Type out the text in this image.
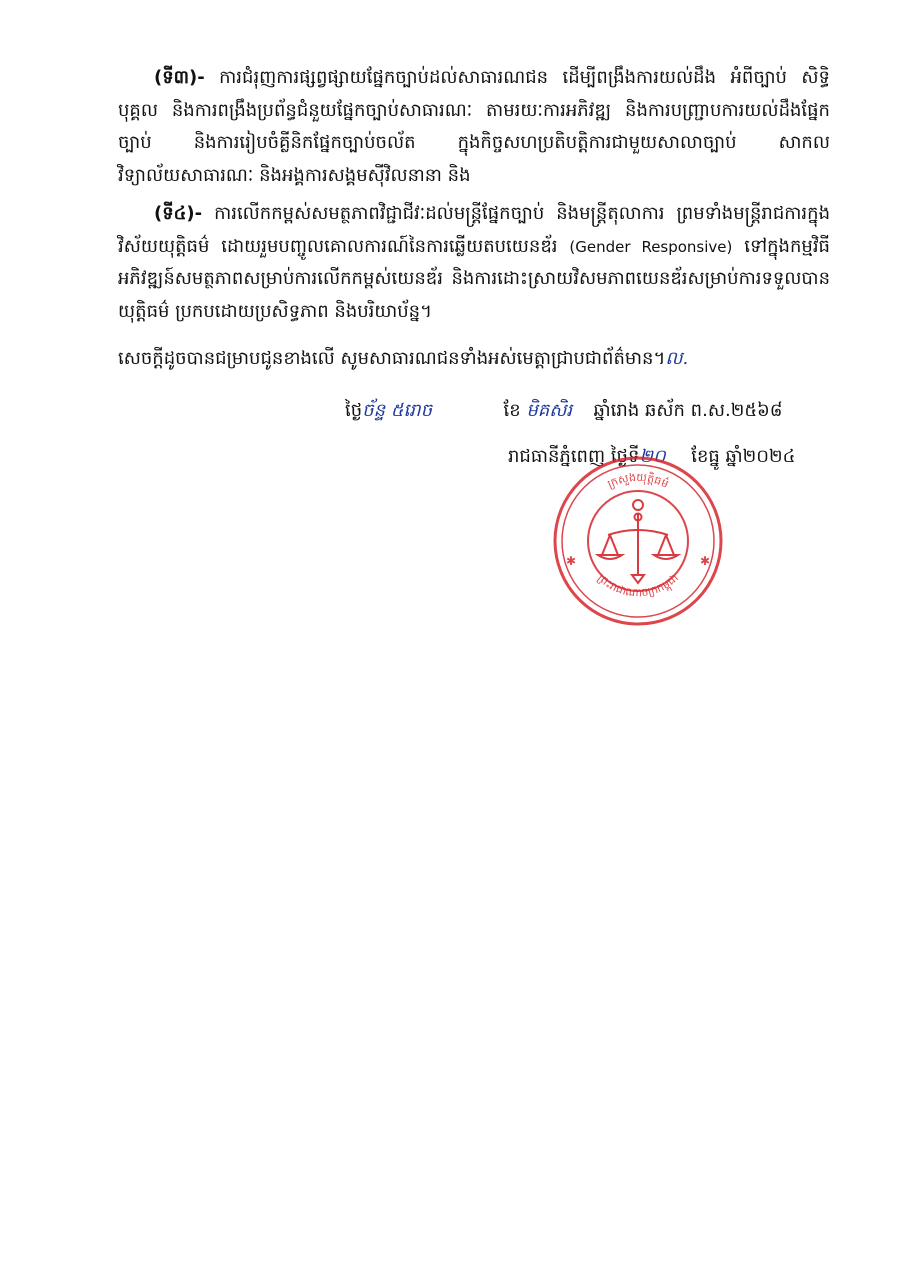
(ទី៣)- ការជំរុញការផ្សព្វផ្សាយផ្នែកច្បាប់ដល់សាធារណជន ដើម្បីពង្រឹងការយល់ដឹង អំពីច្បាប់ សិទ្ធិបុគ្គល និងការពង្រឹងប្រព័ន្ធជំនួយផ្នែកច្បាប់សាធារណៈ តាមរយៈការអភិវឌ្ឍ និងការបញ្ជ្រាបការយល់ដឹងផ្នែកច្បាប់ និងការរៀបចំគ្លីនិកផ្នែកច្បាប់ចល័ត ក្នុងកិច្ចសហប្រតិបត្តិការជាមួយសាលាច្បាប់ សាកលវិទ្យាល័យសាធារណៈ និងអង្គការសង្គមស៊ីវិលនានា និង
(ទី៤)- ការលើកកម្ពស់សមត្ថភាពវិជ្ជាជីវៈដល់មន្ត្រីផ្នែកច្បាប់ និងមន្ត្រីតុលាការ ព្រមទាំងមន្ត្រីរាជការក្នុងវិស័យយុត្តិធម៌ ដោយរួមបញ្ចូលគោលការណ៍នៃការឆ្លើយតបយេនឌ័រ (Gender Responsive) ទៅក្នុងកម្មវិធីអភិវឌ្ឍន៍សមត្ថភាពសម្រាប់ការលើកកម្ពស់យេនឌ័រ និងការដោះស្រាយវិសមភាពយេនឌ័រសម្រាប់ការទទួលបានយុត្តិធម៌ ប្រកបដោយប្រសិទ្ធភាព និងបរិយាប័ន្ន។
សេចក្តីដូចបានជម្រាបជូនខាងលើ សូមសាធារណជនទាំងអស់មេត្តាជ្រាបជាព័ត៌មាន។ល.
ថ្ងៃច័ន្ទ ៥រោច	ខែ មិគសិរ ឆ្នាំរោង ឆស័ក ព.ស.២៥៦៨
រាជធានីភ្នំពេញ ថ្ងៃទី២០ ខែធ្នូ ឆ្នាំ២០២៤
ក្រសួងយុត្តិធម៌
ព្រះរាជាណាចក្រកម្ពុជា
✱	✱
